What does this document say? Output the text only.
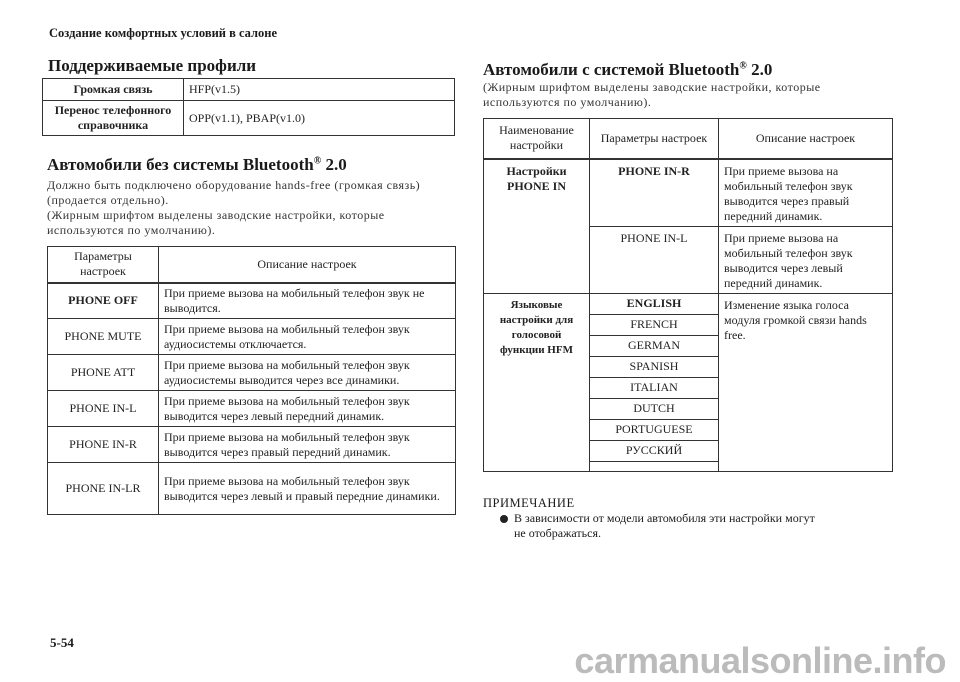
Создание комфортных условий в салоне
Поддерживаемые профили
Громкая связь	HFP(v1.5)
Перенос телефонного справочника	OPP(v1.1), PBAP(v1.0)
Автомобили без системы Bluetooth® 2.0
Должно быть подключено оборудование hands-free (громкая связь)
(продается отдельно).
(Жирным шрифтом выделены заводские настройки, которые
используются по умолчанию).
Параметры настроек	Описание настроек
PHONE OFF	При приеме вызова на мобильный телефон звук не выводится.
PHONE MUTE	При приеме вызова на мобильный телефон звук аудиосистемы отключается.
PHONE ATT	При приеме вызова на мобильный телефон звук аудиосистемы выводится через все динамики.
PHONE IN-L	При приеме вызова на мобильный телефон звук выводится через левый передний динамик.
PHONE IN-R	При приеме вызова на мобильный телефон звук выводится через правый передний динамик.
PHONE IN-LR	При приеме вызова на мобильный телефон звук выводится через левый и правый передние динамики.
Автомобили с системой Bluetooth® 2.0
(Жирным шрифтом выделены заводские настройки, которые
используются по умолчанию).
Наименование настройки	Параметры настроек	Описание настроек
Настройки PHONE IN	PHONE IN-R	При приеме вызова на мобильный телефон звук выводится через правый передний динамик.
	PHONE IN-L	При приеме вызова на мобильный телефон звук выводится через левый передний динамик.
Языковые настройки для голосовой функции HFM	ENGLISH	Изменение языка голоса модуля громкой связи hands free.
	FRENCH	
	GERMAN	
	SPANISH	
	ITALIAN	
	DUTCH	
	PORTUGUESE	
	РУССКИЙ	

ПРИМЕЧАНИЕ
В зависимости от модели автомобиля эти настройки могут
не отображаться.
5-54	carmanualsonline.info
